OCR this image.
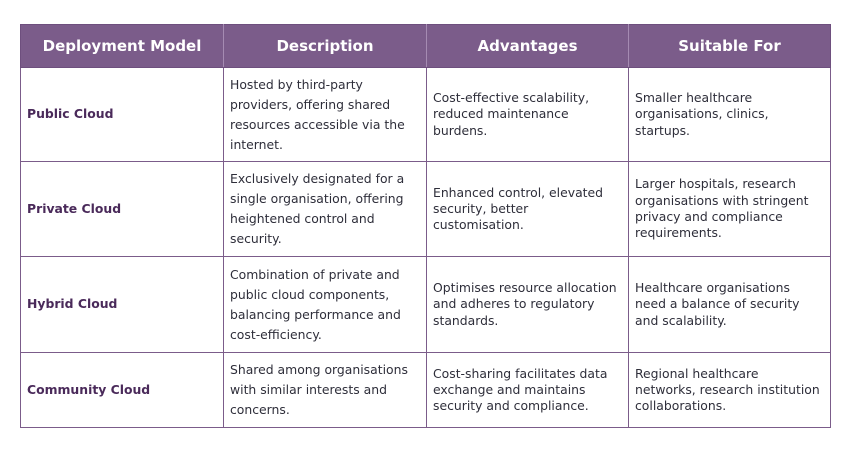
Deployment Model	Description	Advantages	Suitable For
Public Cloud	Hosted by third-party providers, offering shared resources accessible via the internet.	Cost-effective scalability, reduced maintenance burdens.	Smaller healthcare organisations, clinics, startups.
Private Cloud	Exclusively designated for a single organisation, offering heightened control and security.	Enhanced control, elevated security, better customisation.	Larger hospitals, research organisations with stringent privacy and compliance requirements.
Hybrid Cloud	Combination of private and public cloud components, balancing performance and cost-efficiency.	Optimises resource allocation and adheres to regulatory standards.	Healthcare organisations need a balance of security and scalability.
Community Cloud	Shared among organisations with similar interests and concerns.	Cost-sharing facilitates data exchange and maintains security and compliance.	Regional healthcare networks, research institution collaborations.
